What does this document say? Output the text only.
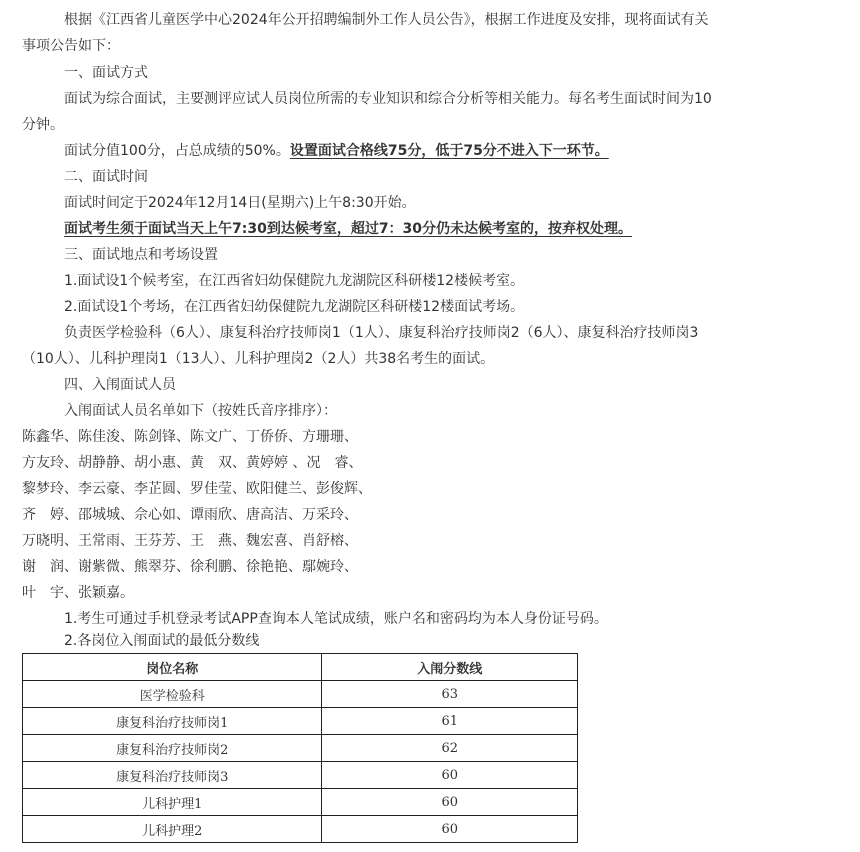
根据《江西省儿童医学中心2024年公开招聘编制外工作人员公告》，根据工作进度及安排，现将面试有关
事项公告如下：
一、面试方式
面试为综合面试，主要测评应试人员岗位所需的专业知识和综合分析等相关能力。每名考生面试时间为10
分钟。
面试分值100分，占总成绩的50%。设置面试合格线75分，低于75分不进入下一环节。
二、面试时间
面试时间定于2024年12月14日(星期六)上午8:30开始。
面试考生须于面试当天上午7:30到达候考室，超过7：30分仍未达候考室的，按弃权处理。
三、面试地点和考场设置
1.面试设1个候考室，在江西省妇幼保健院九龙湖院区科研楼12楼候考室。
2.面试设1个考场，在江西省妇幼保健院九龙湖院区科研楼12楼面试考场。
负责医学检验科（6人）、康复科治疗技师岗1（1人）、康复科治疗技师岗2（6人）、康复科治疗技师岗3
（10人）、儿科护理岗1（13人）、儿科护理岗2（2人）共38名考生的面试。
四、入闱面试人员
入闱面试人员名单如下（按姓氏音序排序）：
陈鑫华、陈佳浚、陈剑锋、陈文广、丁侨侨、方珊珊、
方友玲、胡静静、胡小惠、黄　双、黄婷婷 、况　睿、
黎梦玲、李云豪、李芷圆、罗佳莹、欧阳健兰、彭俊辉、
齐　婷、邵城城、佘心如、谭雨欣、唐高洁、万采玲、
万晓明、王常雨、王芬芳、王　燕、魏宏喜、肖舒榕、
谢　润、谢紫微、熊翠芬、徐利鹏、徐艳艳、鄢婉玲、
叶　宇、张颖嘉。
1.考生可通过手机登录考试APP查询本人笔试成绩，账户名和密码均为本人身份证号码。
2.各岗位入闱面试的最低分数线
岗位名称	入闱分数线
医学检验科	63
康复科治疗技师岗1	61
康复科治疗技师岗2	62
康复科治疗技师岗3	60
儿科护理1	60
儿科护理2	60
